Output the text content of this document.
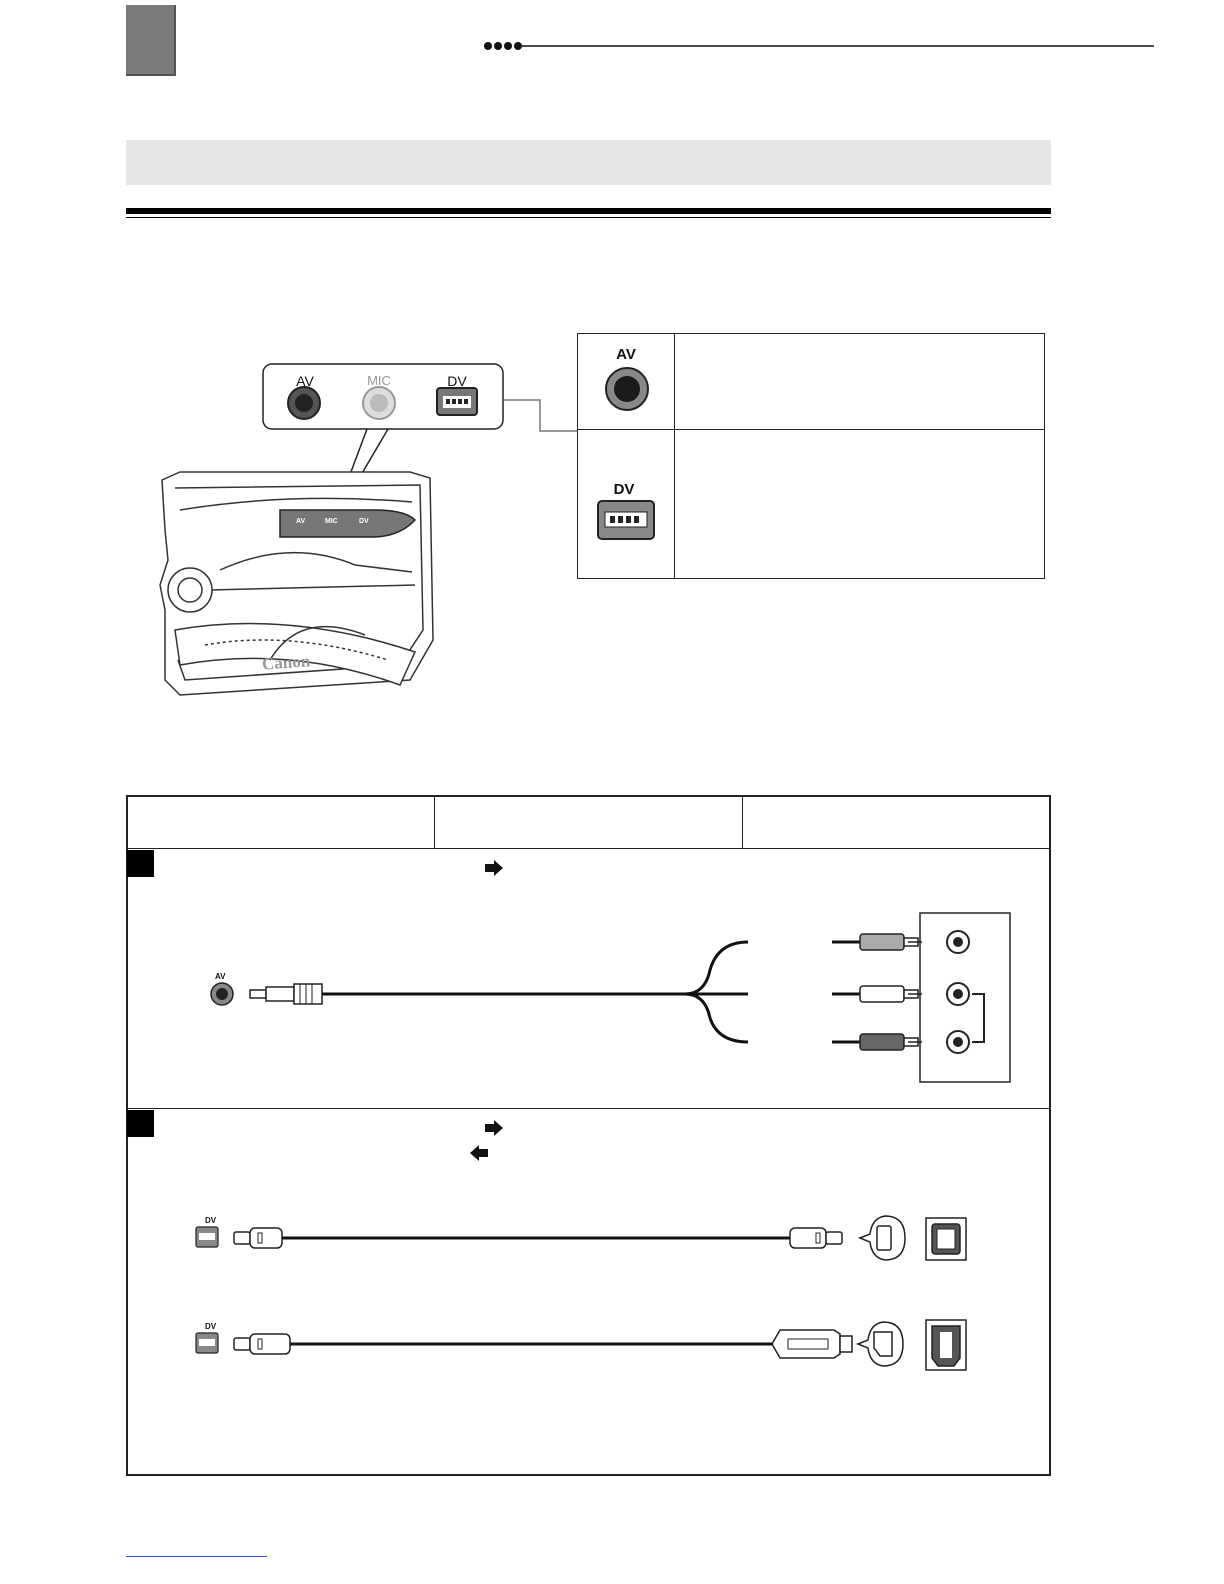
AV	MIC	DV
AV	MIC	DV
Canon
AV
DV
AV
DV
DV
